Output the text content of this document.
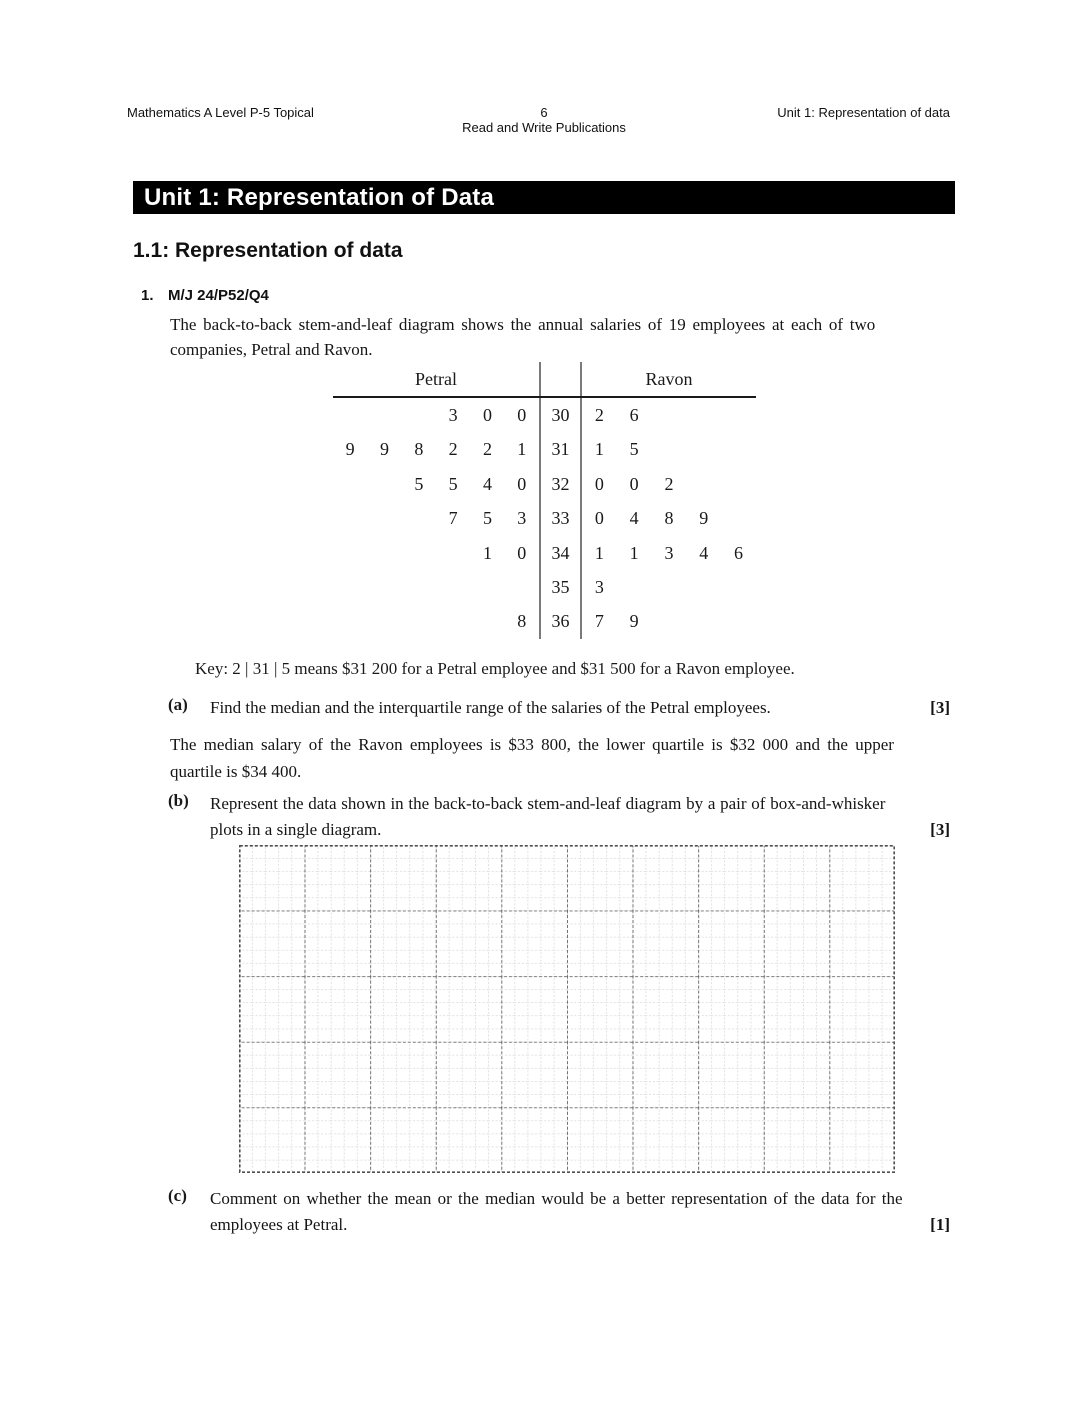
Mathematics A Level P-5 Topical	6
Read and Write Publications
Unit 1: Representation of data
Unit 1: Representation of Data
1.1: Representation of data
1. M/J 24/P52/Q4
The back-to-back stem-and-leaf diagram shows the annual salaries of 19 employees at each of two
companies, Petral and Ravon.
Petral	Ravon
3	0	0	30	2	6
9	9	8	2	2	1	31	1	5
5	5	4	0	32	0	0	2
7	5	3	33	0	4	8	9
1	0	34	1	1	3	4	6
35	3
8	36	7	9
Key: 2 | 31 | 5 means $31 200 for a Petral employee and $31 500 for a Ravon employee.
(a) Find the median and the interquartile range of the salaries of the Petral employees.	[3]
The median salary of the Ravon employees is $33 800, the lower quartile is $32 000 and the upper
quartile is $34 400.
(b) Represent the data shown in the back-to-back stem-and-leaf diagram by a pair of box-and-whisker
plots in a single diagram.	[3]
(c) Comment on whether the mean or the median would be a better representation of the data for the
employees at Petral.	[1]
